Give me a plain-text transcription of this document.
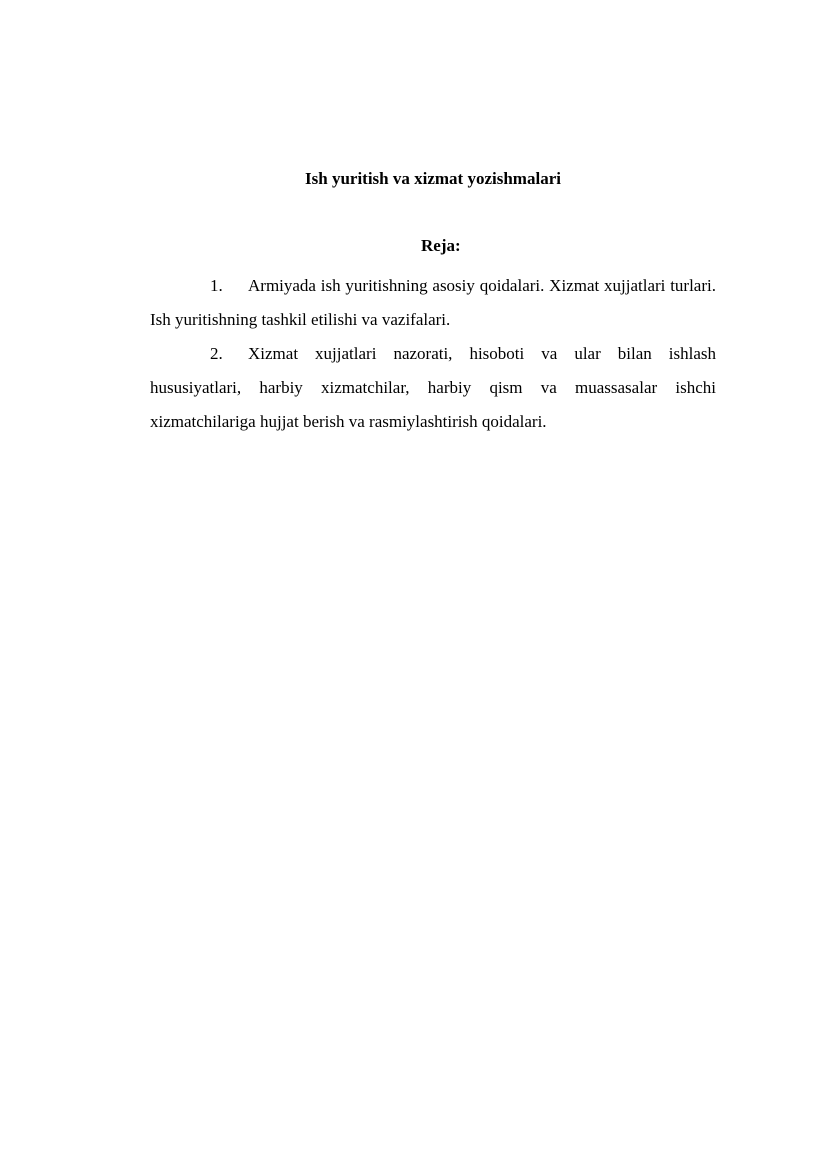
Ish yuritish va xizmat yozishmalari
Reja:
1. Armiyada ish yuritishning asosiy qoidalari. Xizmat xujjatlari turlari. Ish yuritishning tashkil etilishi va vazifalari.
2. Xizmat xujjatlari nazorati, hisoboti va ular bilan ishlash hususiyatlari, harbiy xizmatchilar, harbiy qism va muassasalar ishchi xizmatchilariga hujjat berish va rasmiylashtirish qoidalari.
